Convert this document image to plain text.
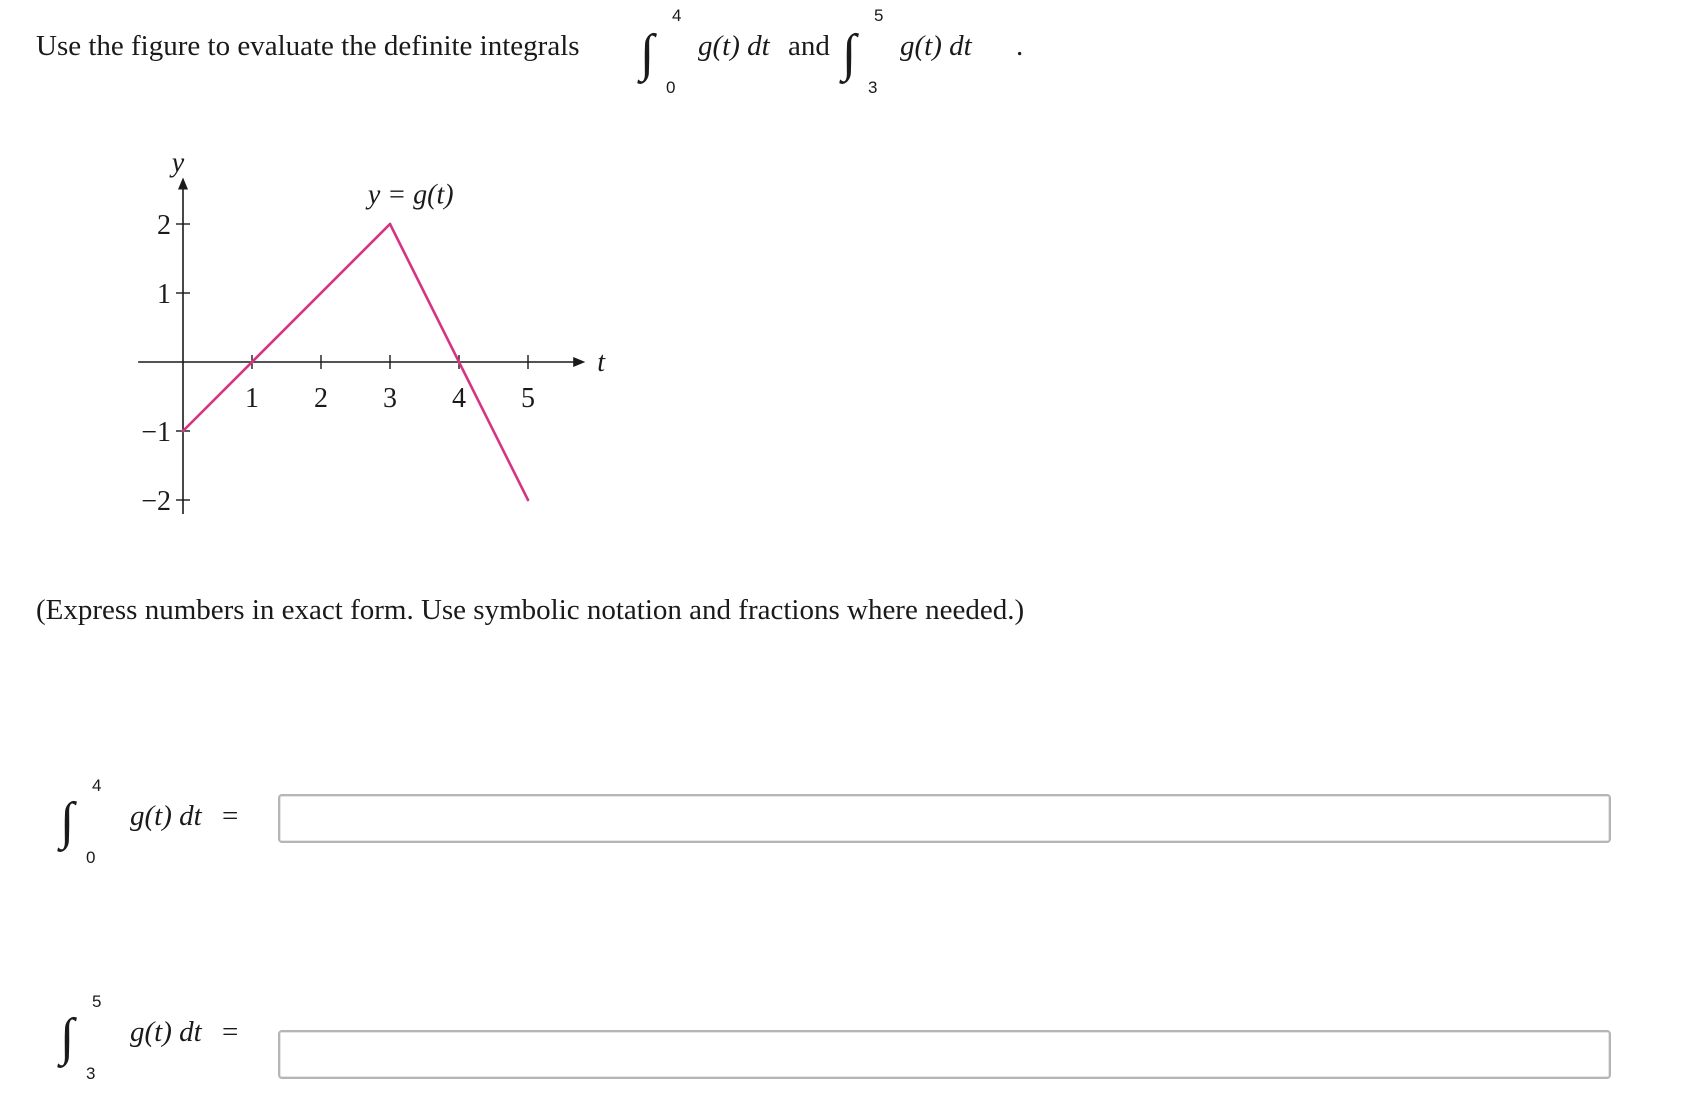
Use the figure to evaluate the definite integrals ∫
4
0
g(t) dt and ∫
5
3
g(t) dt .
1 2 3 4 5
2
1
−1
−2
y = g(t)
y
t
(Express numbers in exact form. Use symbolic notation and fractions where needed.)
∫
4
0
g(t) dt =
∫
5
3
g(t) dt =
